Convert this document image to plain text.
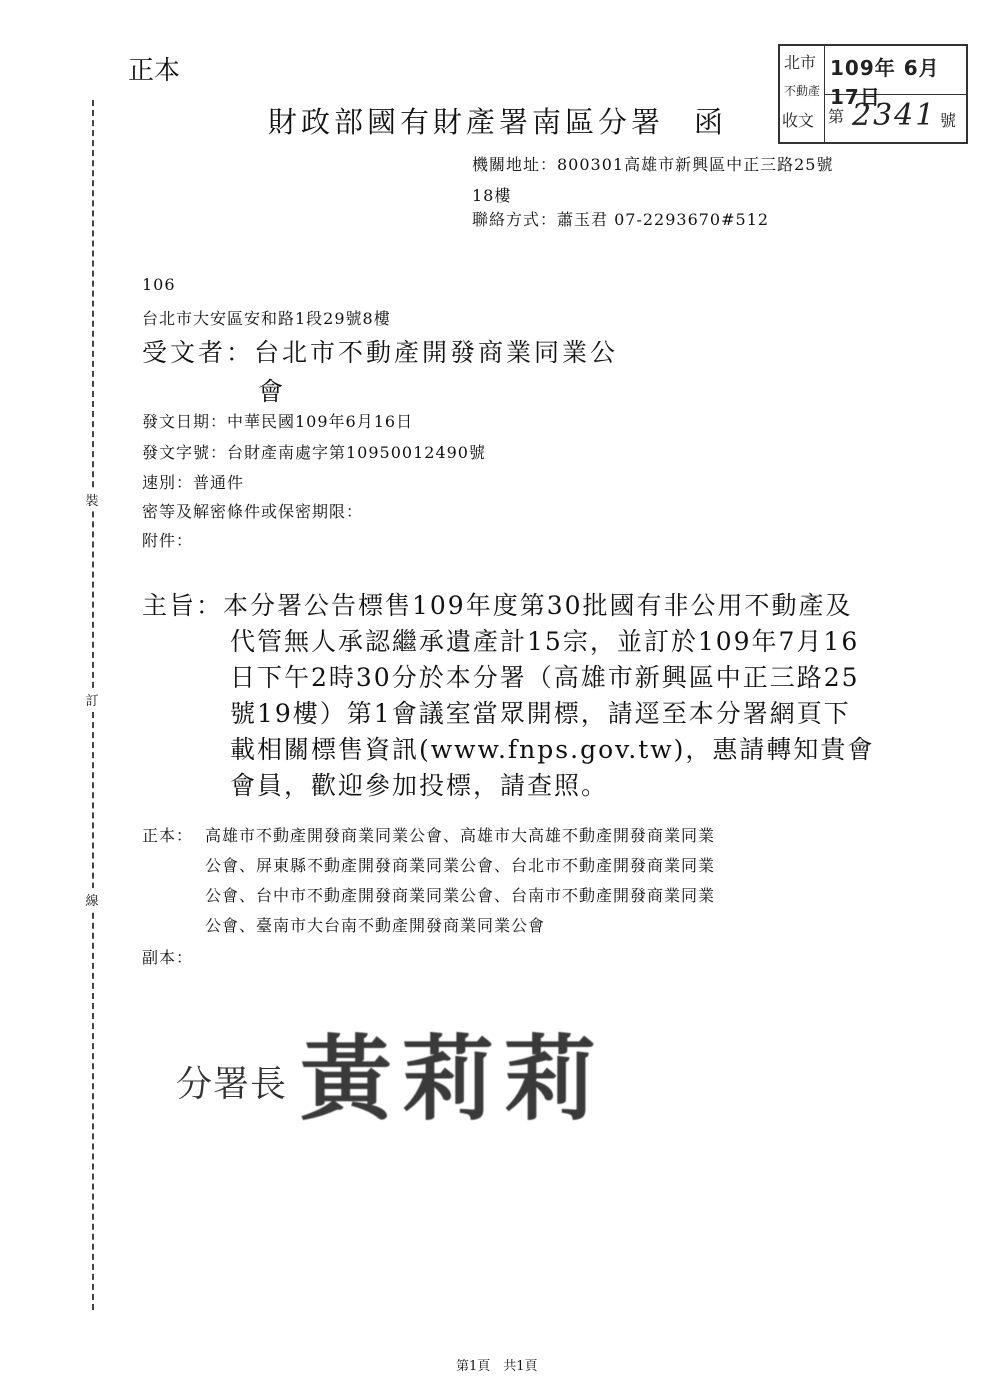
正本
裝
訂
線
北市
不動產
收文
109年 6月17日
第 2341 號
財政部國有財產署南區分署 函
機關地址：800301高雄市新興區中正三路25號
18樓
聯絡方式：蕭玉君 07-2293670#512
106
台北市大安區安和路1段29號8樓
受文者：台北市不動產開發商業同業公
會
發文日期：中華民國109年6月16日
發文字號：台財產南處字第10950012490號
速別：普通件
密等及解密條件或保密期限：
附件：
主旨：本分署公告標售109年度第30批國有非公用不動產及
代管無人承認繼承遺產計15宗，並訂於109年7月16
日下午2時30分於本分署（高雄市新興區中正三路25
號19樓）第1會議室當眾開標，請逕至本分署網頁下
載相關標售資訊(www.fnps.gov.tw)，惠請轉知貴會
會員，歡迎參加投標，請查照。
正本： 高雄市不動產開發商業同業公會、高雄市大高雄不動產開發商業同業
公會、屏東縣不動產開發商業同業公會、台北市不動產開發商業同業
公會、台中市不動產開發商業同業公會、台南市不動產開發商業同業
公會、臺南市大台南不動產開發商業同業公會
副本：
分署長 黃莉莉
第1頁　共1頁
